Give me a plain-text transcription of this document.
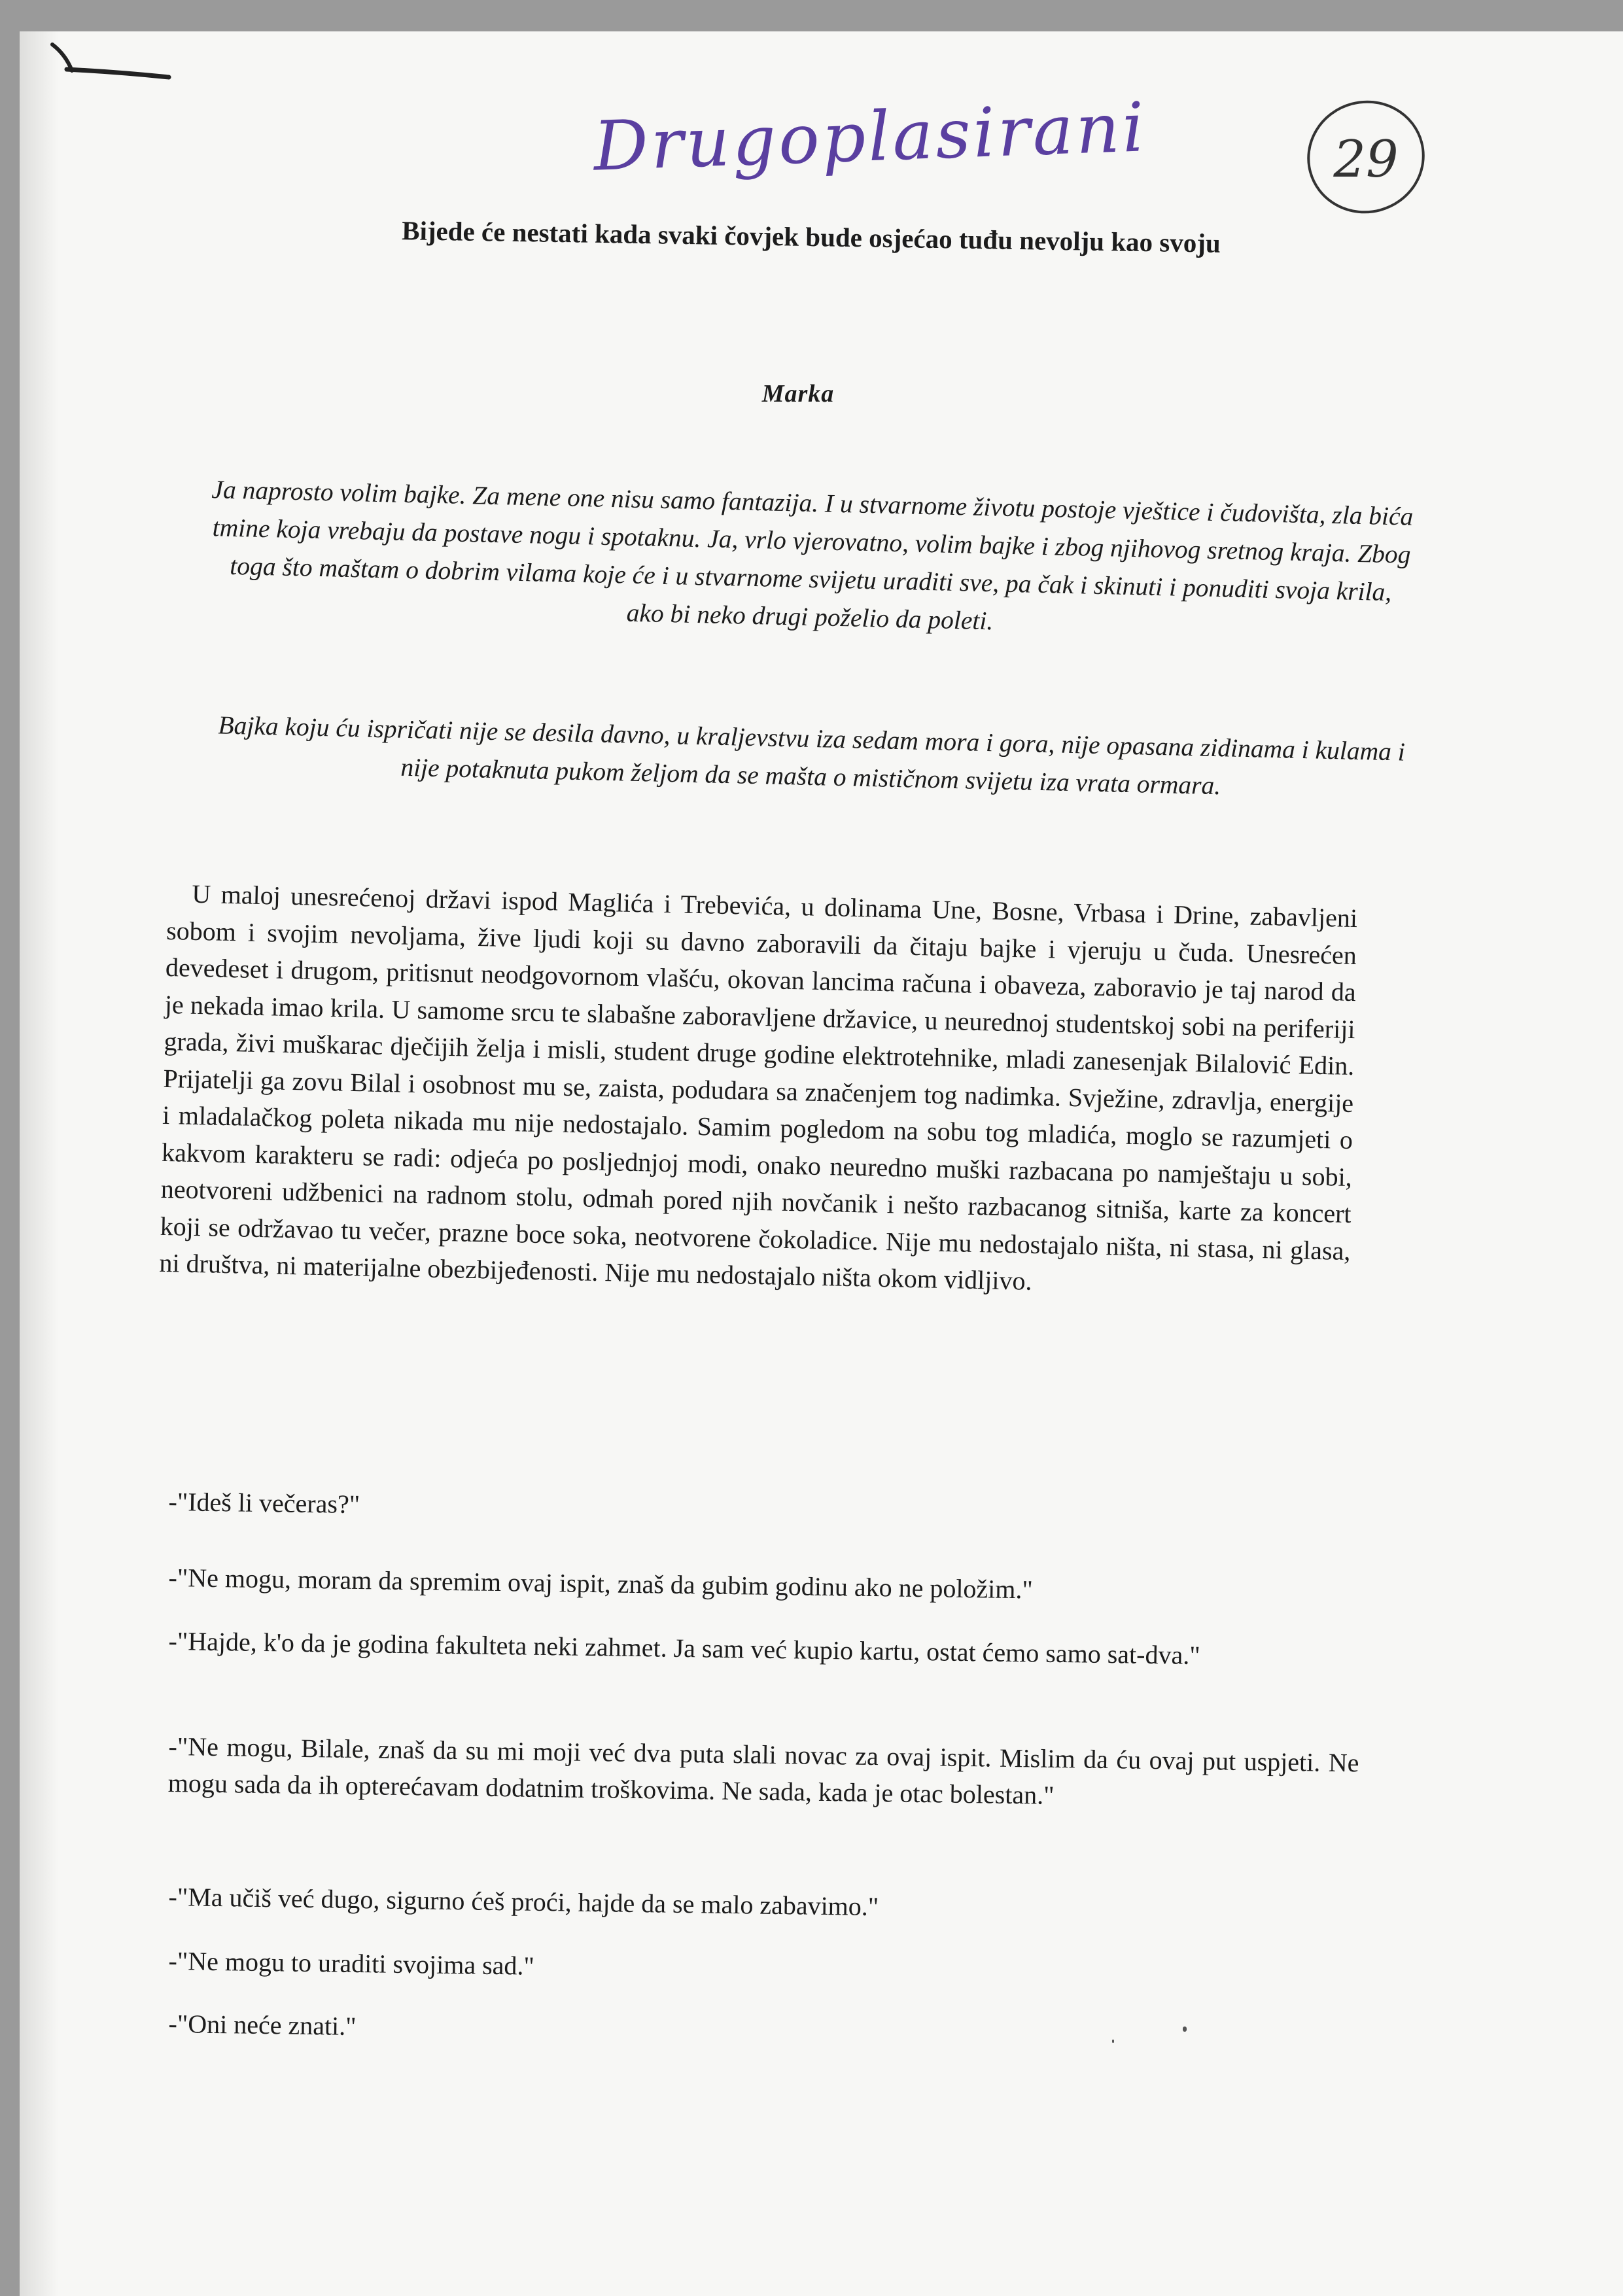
Drugoplasirani	29
Bijede će nestati kada svaki čovjek bude osjećao tuđu nevolju kao svoju
Marka

Ja naprosto volim bajke. Za mene one nisu samo fantazija. I u stvarnome životu postoje vještice i čudovišta, zla bića tmine koja vrebaju da postave nogu i spotaknu. Ja, vrlo vjerovatno, volim bajke i zbog njihovog sretnog kraja. Zbog toga što maštam o dobrim vilama koje će i u stvarnome svijetu uraditi sve, pa čak i skinuti i ponuditi svoja krila, ako bi neko drugi poželio da poleti.

Bajka koju ću ispričati nije se desila davno, u kraljevstvu iza sedam mora i gora, nije opasana zidinama i kulama i nije potaknuta pukom željom da se mašta o mističnom svijetu iza vrata ormara.

U maloj unesrećenoj državi ispod Maglića i Trebevića, u dolinama Une, Bosne, Vrbasa i Drine, zabavljeni sobom i svojim nevoljama, žive ljudi koji su davno zaboravili da čitaju bajke i vjeruju u čuda. Unesrećen devedeset i drugom, pritisnut neodgovornom vlašću, okovan lancima računa i obaveza, zaboravio je taj narod da je nekada imao krila. U samome srcu te slabašne zaboravljene državice, u neurednoj studentskoj sobi na periferiji grada, živi muškarac dječijih želja i misli, student druge godine elektrotehnike, mladi zanesenjak Bilalović Edin. Prijatelji ga zovu Bilal i osobnost mu se, zaista, podudara sa značenjem tog nadimka. Svježine, zdravlja, energije i mladalačkog poleta nikada mu nije nedostajalo. Samim pogledom na sobu tog mladića, moglo se razumjeti o kakvom karakteru se radi: odjeća po posljednjoj modi, onako neuredno muški razbacana po namještaju u sobi, neotvoreni udžbenici na radnom stolu, odmah pored njih novčanik i nešto razbacanog sitniša, karte za koncert koji se održavao tu večer, prazne boce soka, neotvorene čokoladice. Nije mu nedostajalo ništa, ni stasa, ni glasa, ni društva, ni materijalne obezbijeđenosti. Nije mu nedostajalo ništa okom vidljivo.

-"Ideš li večeras?"

-"Ne mogu, moram da spremim ovaj ispit, znaš da gubim godinu ako ne položim."

-"Hajde, k'o da je godina fakulteta neki zahmet. Ja sam već kupio kartu, ostat ćemo samo sat-dva."

-"Ne mogu, Bilale, znaš da su mi moji već dva puta slali novac za ovaj ispit. Mislim da ću ovaj put uspjeti. Ne mogu sada da ih opterećavam dodatnim troškovima. Ne sada, kada je otac bolestan."

-"Ma učiš već dugo, sigurno ćeš proći, hajde da se malo zabavimo."

-"Ne mogu to uraditi svojima sad."

-"Oni neće znati."
